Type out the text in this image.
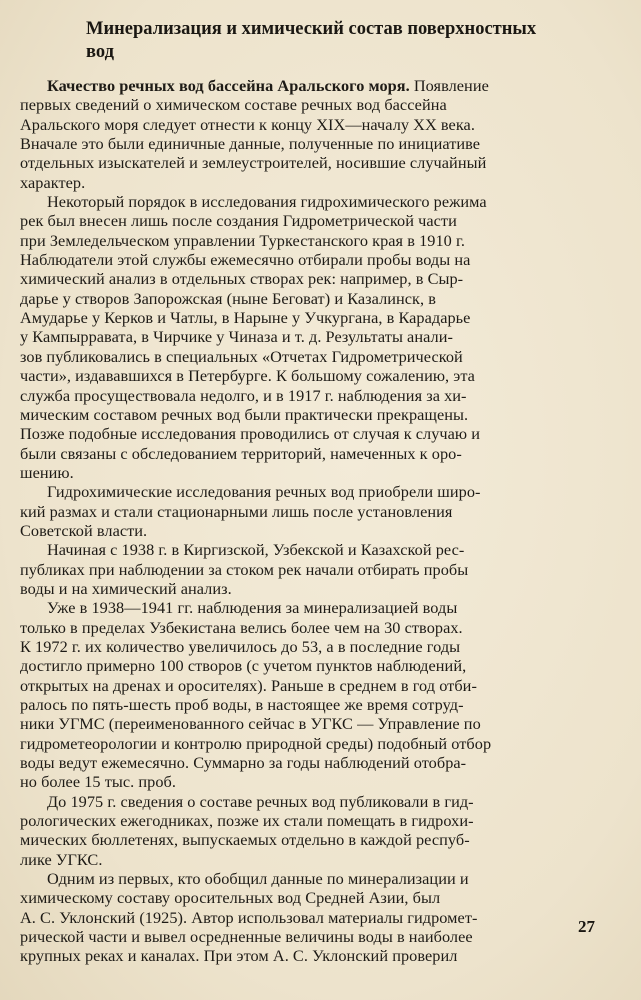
Минерализация и химический состав поверхностных
вод
Качество речных вод бассейна Аральского моря. Появление
первых сведений о химическом составе речных вод бассейна
Аральского моря следует отнести к концу XIX—началу XX века.
Вначале это были единичные данные, полученные по инициативе
отдельных изыскателей и землеустроителей, носившие случайный
характер.
Некоторый порядок в исследования гидрохимического режима
рек был внесен лишь после создания Гидрометрической части
при Земледельческом управлении Туркестанского края в 1910 г.
Наблюдатели этой службы ежемесячно отбирали пробы воды на
химический анализ в отдельных створах рек: например, в Сыр-
дарье у створов Запорожская (ныне Беговат) и Казалинск, в
Амударье у Керков и Чатлы, в Нарыне у Учкургана, в Карадарье
у Кампырравата, в Чирчике у Чиназа и т. д. Результаты анали-
зов публиковались в специальных «Отчетах Гидрометрической
части», издававшихся в Петербурге. К большому сожалению, эта
служба просуществовала недолго, и в 1917 г. наблюдения за хи-
мическим составом речных вод были практически прекращены.
Позже подобные исследования проводились от случая к случаю и
были связаны с обследованием территорий, намеченных к оро-
шению.
Гидрохимические исследования речных вод приобрели широ-
кий размах и стали стационарными лишь после установления
Советской власти.
Начиная с 1938 г. в Киргизской, Узбекской и Казахской рес-
публиках при наблюдении за стоком рек начали отбирать пробы
воды и на химический анализ.
Уже в 1938—1941 гг. наблюдения за минерализацией воды
только в пределах Узбекистана велись более чем на 30 створах.
К 1972 г. их количество увеличилось до 53, а в последние годы
достигло примерно 100 створов (с учетом пунктов наблюдений,
открытых на дренах и оросителях). Раньше в среднем в год отби-
ралось по пять-шесть проб воды, в настоящее же время сотруд-
ники УГМС (переименованного сейчас в УГКС — Управление по
гидрометеорологии и контролю природной среды) подобный отбор
воды ведут ежемесячно. Суммарно за годы наблюдений отобра-
но более 15 тыс. проб.
До 1975 г. сведения о составе речных вод публиковали в гид-
рологических ежегодниках, позже их стали помещать в гидрохи-
мических бюллетенях, выпускаемых отдельно в каждой респуб-
лике УГКС.
Одним из первых, кто обобщил данные по минерализации и
химическому составу оросительных вод Средней Азии, был
А. С. Уклонский (1925). Автор использовал материалы гидромет-
рической части и вывел осредненные величины воды в наиболее
крупных реках и каналах. При этом А. С. Уклонский проверил
27
